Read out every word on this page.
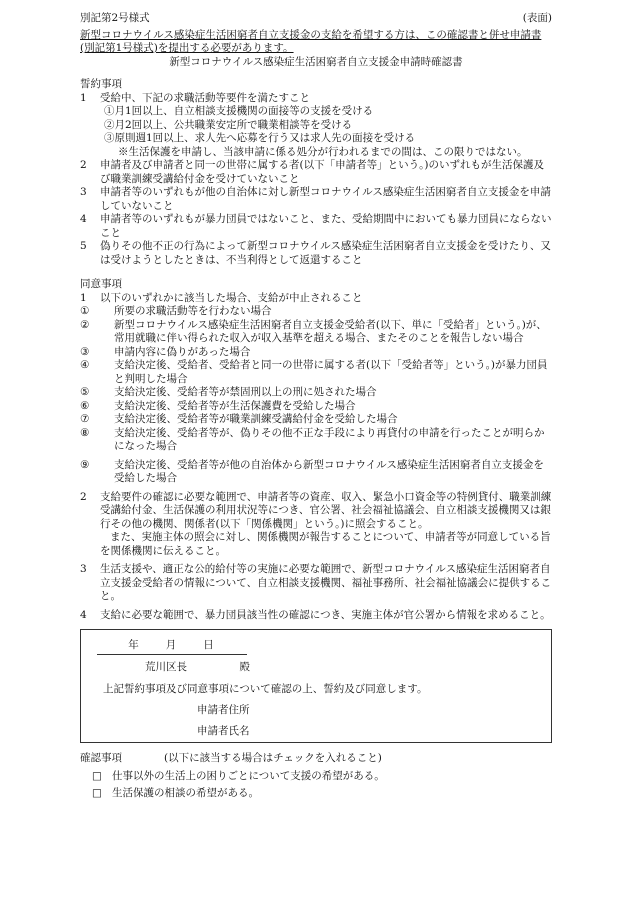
別記第2号様式	(表面)
新型コロナウイルス感染症生活困窮者自立支援金の支給を希望する方は、この確認書と併せ申請書(別記第1号様式)を提出する必要があります。
新型コロナウイルス感染症生活困窮者自立支援金申請時確認書
誓約事項
1	受給中、下記の求職活動等要件を満たすこと
①月1回以上、自立相談支援機関の面接等の支援を受ける
②月2回以上、公共職業安定所で職業相談等を受ける
③原則週1回以上、求人先へ応募を行う又は求人先の面接を受ける
※生活保護を申請し、当該申請に係る処分が行われるまでの間は、この限りではない。
2	申請者及び申請者と同一の世帯に属する者(以下「申請者等」という。)のいずれもが生活保護及び職業訓練受講給付金を受けていないこと
3	申請者等のいずれもが他の自治体に対し新型コロナウイルス感染症生活困窮者自立支援金を申請していないこと
4	申請者等のいずれもが暴力団員ではないこと、また、受給期間中においても暴力団員にならないこと
5	偽りその他不正の行為によって新型コロナウイルス感染症生活困窮者自立支援金を受けたり、又は受けようとしたときは、不当利得として返還すること
同意事項
1	以下のいずれかに該当した場合、支給が中止されること
①	所要の求職活動等を行わない場合
②	新型コロナウイルス感染症生活困窮者自立支援金受給者(以下、単に「受給者」という。)が、常用就職に伴い得られた収入が収入基準を超える場合、またそのことを報告しない場合
③	申請内容に偽りがあった場合
④	支給決定後、受給者、受給者と同一の世帯に属する者(以下「受給者等」という。)が暴力団員と判明した場合
⑤	支給決定後、受給者等が禁固刑以上の刑に処された場合
⑥	支給決定後、受給者等が生活保護費を受給した場合
⑦	支給決定後、受給者等が職業訓練受講給付金を受給した場合
⑧	支給決定後、受給者等が、偽りその他不正な手段により再貸付の申請を行ったことが明らかになった場合
⑨	支給決定後、受給者等が他の自治体から新型コロナウイルス感染症生活困窮者自立支援金を受給した場合
2	支給要件の確認に必要な範囲で、申請者等の資産、収入、緊急小口資金等の特例貸付、職業訓練受講給付金、生活保護の利用状況等につき、官公署、社会福祉協議会、自立相談支援機関又は銀行その他の機関、関係者(以下「関係機関」という。)に照会すること。
また、実施主体の照会に対し、関係機関が報告することについて、申請者等が同意している旨を関係機関に伝えること。
3	生活支援や、適正な公的給付等の実施に必要な範囲で、新型コロナウイルス感染症生活困窮者自立支援金受給者の情報について、自立相談支援機関、福祉事務所、社会福祉協議会に提供すること。
4	支給に必要な範囲で、暴力団員該当性の確認につき、実施主体が官公署から情報を求めること。
年　　月　　日
荒川区長　　　　　殿
上記誓約事項及び同意事項について確認の上、誓約及び同意します。
申請者住所
申請者氏名
確認事項	(以下に該当する場合はチェックを入れること)
□ 仕事以外の生活上の困りごとについて支援の希望がある。
□ 生活保護の相談の希望がある。
